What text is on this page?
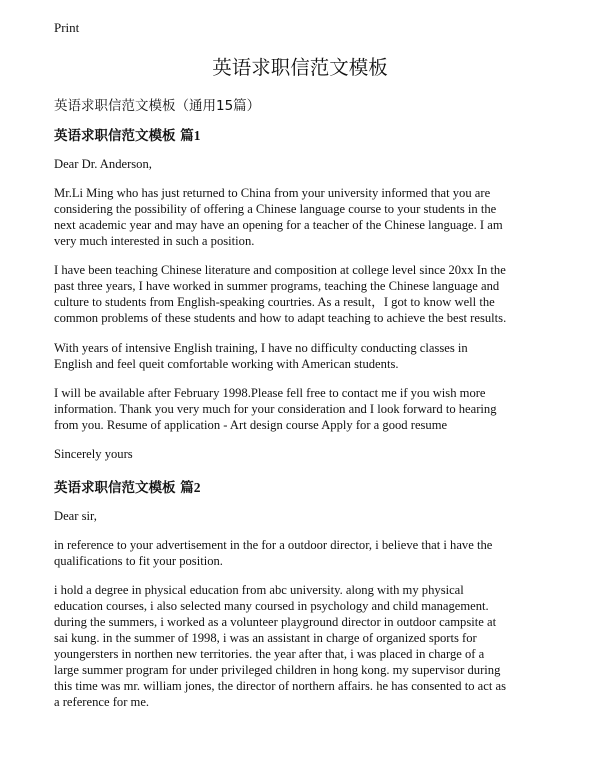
Print
英语求职信范文模板
英语求职信范文模板（通用15篇）
英语求职信范文模板 篇1
Dear Dr. Anderson,
Mr.Li Ming who has just returned to China from your university informed that you are
considering the possibility of offering a Chinese language course to your students in the
next academic year and may have an opening for a teacher of the Chinese language. I am
very much interested in such a position.
I have been teaching Chinese literature and composition at college level since 20xx In the
past three years, I have worked in summer programs, teaching the Chinese language and
culture to students from English-speaking courtries. As a result，I got to know well the
common problems of these students and how to adapt teaching to achieve the best results.
With years of intensive English training, I have no difficulty conducting classes in
English and feel queit comfortable working with American students.
I will be available after February 1998.Please fell free to contact me if you wish more
information. Thank you very much for your consideration and I look forward to hearing
from you. Resume of application - Art design course Apply for a good resume
Sincerely yours
英语求职信范文模板 篇2
Dear sir,
in reference to your advertisement in the for a outdoor director, i believe that i have the
qualifications to fit your position.
i hold a degree in physical education from abc university. along with my physical
education courses, i also selected many coursed in psychology and child management.
during the summers, i worked as a volunteer playground director in outdoor campsite at
sai kung. in the summer of 1998, i was an assistant in charge of organized sports for
youngersters in northen new territories. the year after that, i was placed in charge of a
large summer program for under privileged children in hong kong. my supervisor during
this time was mr. william jones, the director of northern affairs. he has consented to act as
a reference for me.
